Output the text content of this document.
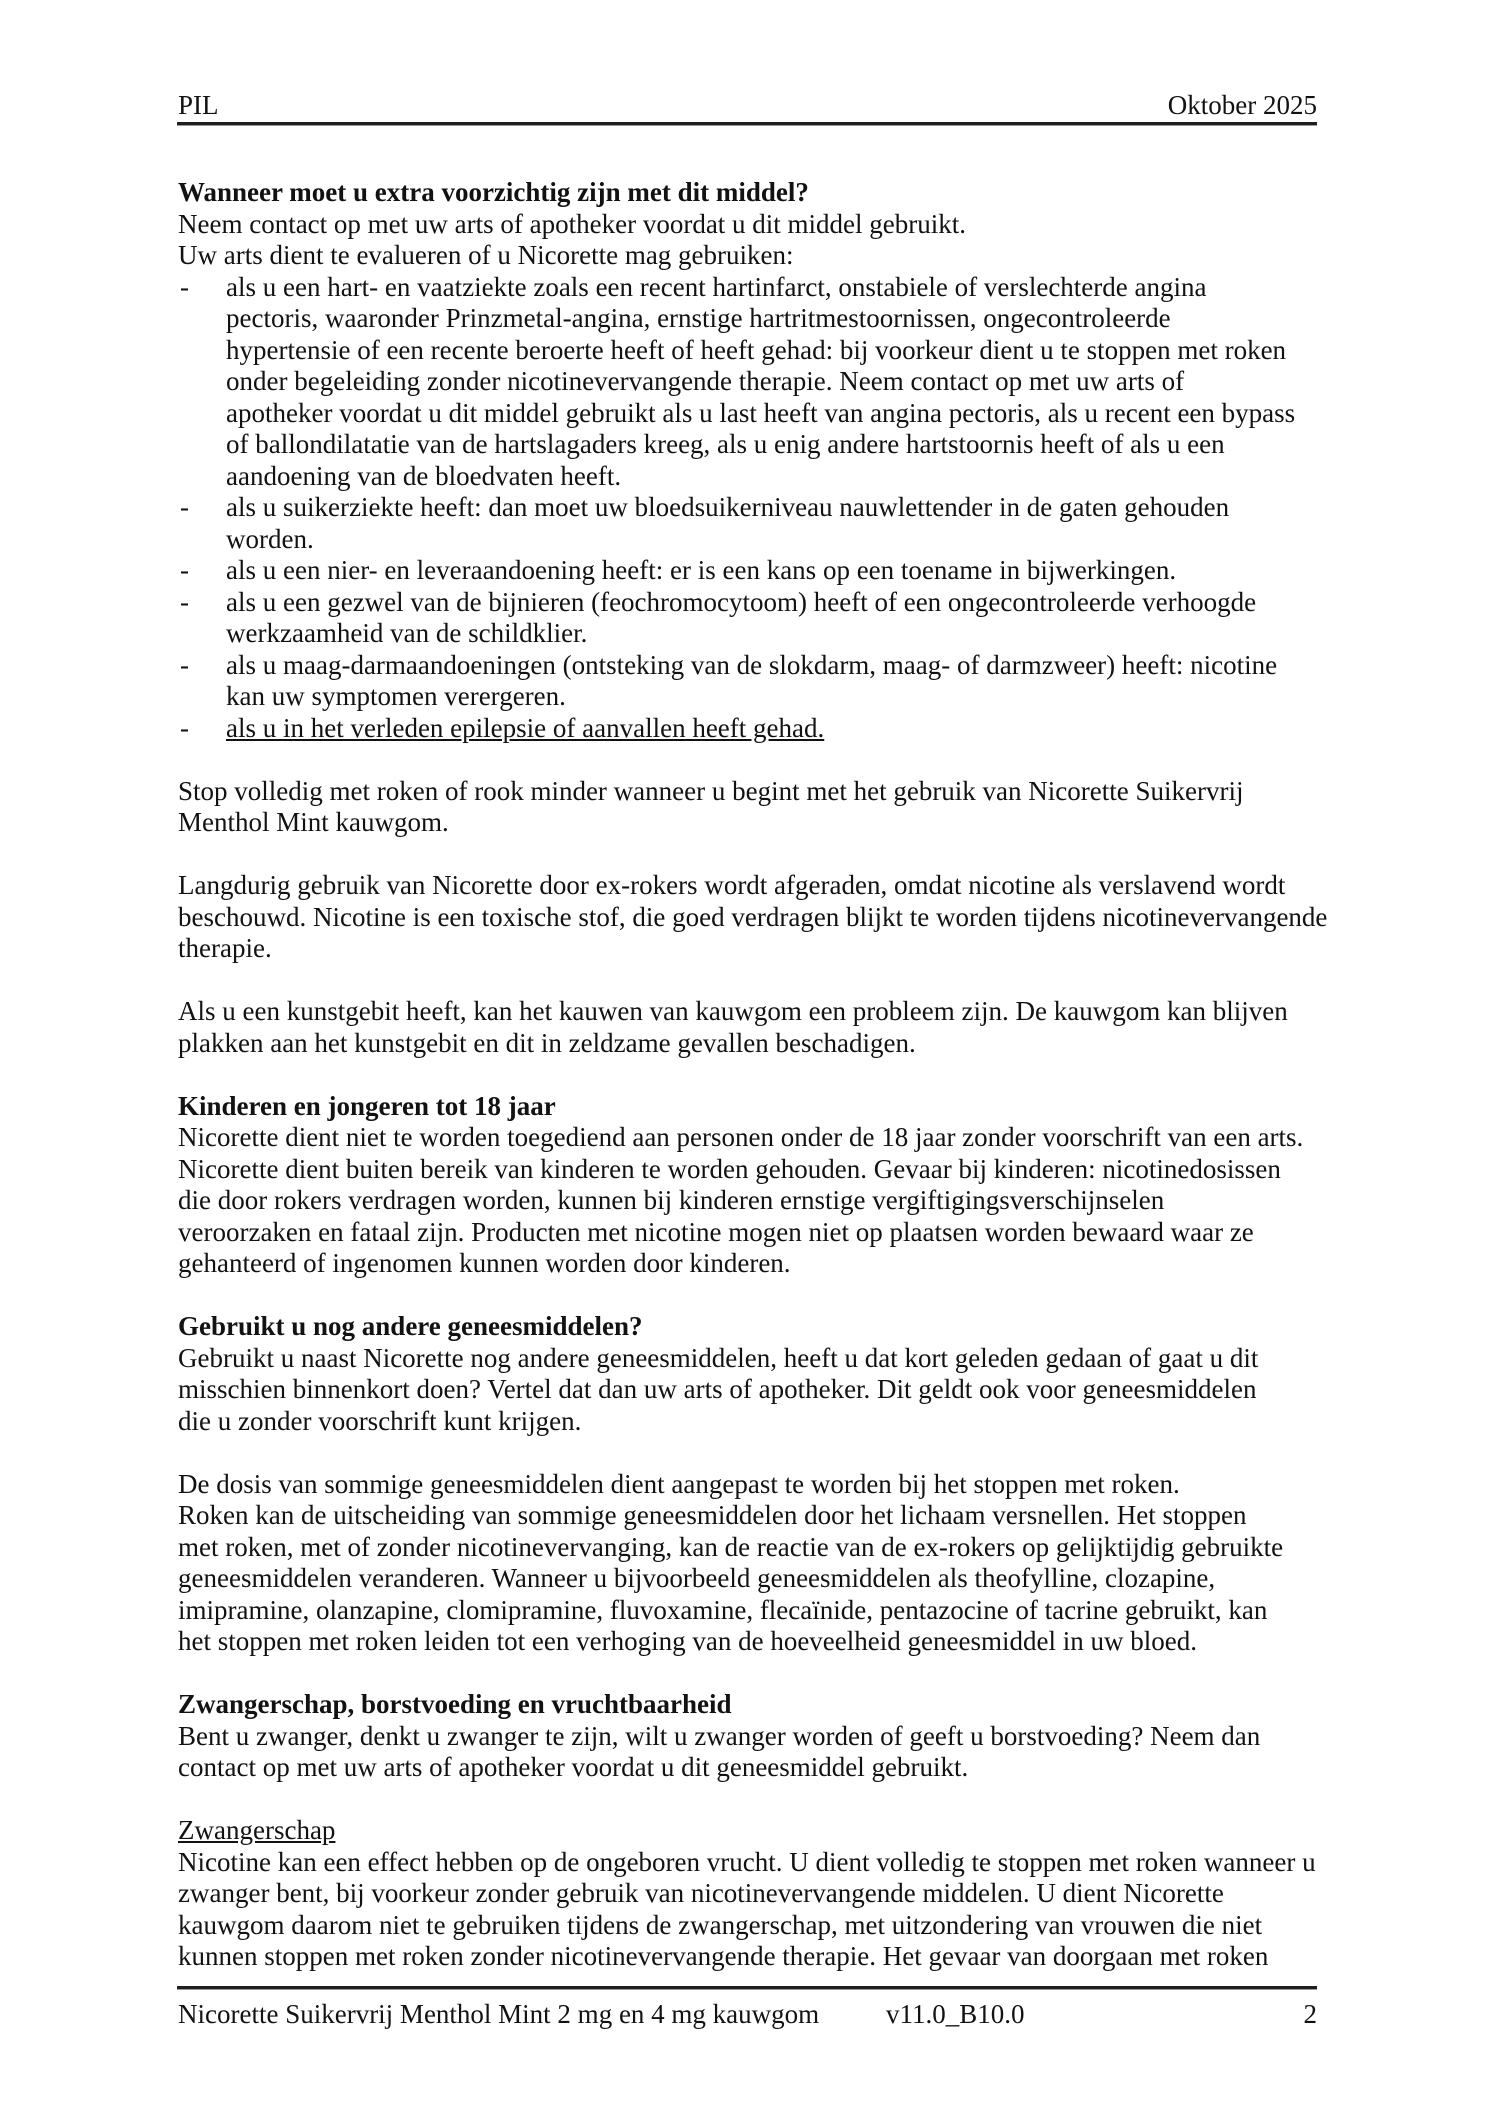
PIL	Oktober 2025
Wanneer moet u extra voorzichtig zijn met dit middel?
Neem contact op met uw arts of apotheker voordat u dit middel gebruikt.
Uw arts dient te evalueren of u Nicorette mag gebruiken:
- als u een hart- en vaatziekte zoals een recent hartinfarct, onstabiele of verslechterde angina
pectoris, waaronder Prinzmetal-angina, ernstige hartritmestoornissen, ongecontroleerde
hypertensie of een recente beroerte heeft of heeft gehad: bij voorkeur dient u te stoppen met roken
onder begeleiding zonder nicotinevervangende therapie. Neem contact op met uw arts of
apotheker voordat u dit middel gebruikt als u last heeft van angina pectoris, als u recent een bypass
of ballondilatatie van de hartslagaders kreeg, als u enig andere hartstoornis heeft of als u een
aandoening van de bloedvaten heeft.
- als u suikerziekte heeft: dan moet uw bloedsuikerniveau nauwlettender in de gaten gehouden
worden.
- als u een nier- en leveraandoening heeft: er is een kans op een toename in bijwerkingen.
- als u een gezwel van de bijnieren (feochromocytoom) heeft of een ongecontroleerde verhoogde
werkzaamheid van de schildklier.
- als u maag-darmaandoeningen (ontsteking van de slokdarm, maag- of darmzweer) heeft: nicotine
kan uw symptomen verergeren.
- als u in het verleden epilepsie of aanvallen heeft gehad.
Stop volledig met roken of rook minder wanneer u begint met het gebruik van Nicorette Suikervrij
Menthol Mint kauwgom.
Langdurig gebruik van Nicorette door ex-rokers wordt afgeraden, omdat nicotine als verslavend wordt
beschouwd. Nicotine is een toxische stof, die goed verdragen blijkt te worden tijdens nicotinevervangende
therapie.
Als u een kunstgebit heeft, kan het kauwen van kauwgom een probleem zijn. De kauwgom kan blijven
plakken aan het kunstgebit en dit in zeldzame gevallen beschadigen.
Kinderen en jongeren tot 18 jaar
Nicorette dient niet te worden toegediend aan personen onder de 18 jaar zonder voorschrift van een arts.
Nicorette dient buiten bereik van kinderen te worden gehouden. Gevaar bij kinderen: nicotinedosissen
die door rokers verdragen worden, kunnen bij kinderen ernstige vergiftigingsverschijnselen
veroorzaken en fataal zijn. Producten met nicotine mogen niet op plaatsen worden bewaard waar ze
gehanteerd of ingenomen kunnen worden door kinderen.
Gebruikt u nog andere geneesmiddelen?
Gebruikt u naast Nicorette nog andere geneesmiddelen, heeft u dat kort geleden gedaan of gaat u dit
misschien binnenkort doen? Vertel dat dan uw arts of apotheker. Dit geldt ook voor geneesmiddelen
die u zonder voorschrift kunt krijgen.
De dosis van sommige geneesmiddelen dient aangepast te worden bij het stoppen met roken.
Roken kan de uitscheiding van sommige geneesmiddelen door het lichaam versnellen. Het stoppen
met roken, met of zonder nicotinevervanging, kan de reactie van de ex-rokers op gelijktijdig gebruikte
geneesmiddelen veranderen. Wanneer u bijvoorbeeld geneesmiddelen als theofylline, clozapine,
imipramine, olanzapine, clomipramine, fluvoxamine, flecaïnide, pentazocine of tacrine gebruikt, kan
het stoppen met roken leiden tot een verhoging van de hoeveelheid geneesmiddel in uw bloed.
Zwangerschap, borstvoeding en vruchtbaarheid
Bent u zwanger, denkt u zwanger te zijn, wilt u zwanger worden of geeft u borstvoeding? Neem dan
contact op met uw arts of apotheker voordat u dit geneesmiddel gebruikt.
Zwangerschap
Nicotine kan een effect hebben op de ongeboren vrucht. U dient volledig te stoppen met roken wanneer u
zwanger bent, bij voorkeur zonder gebruik van nicotinevervangende middelen. U dient Nicorette
kauwgom daarom niet te gebruiken tijdens de zwangerschap, met uitzondering van vrouwen die niet
kunnen stoppen met roken zonder nicotinevervangende therapie. Het gevaar van doorgaan met roken
Nicorette Suikervrij Menthol Mint 2 mg en 4 mg kauwgom v11.0_B10.0	2
